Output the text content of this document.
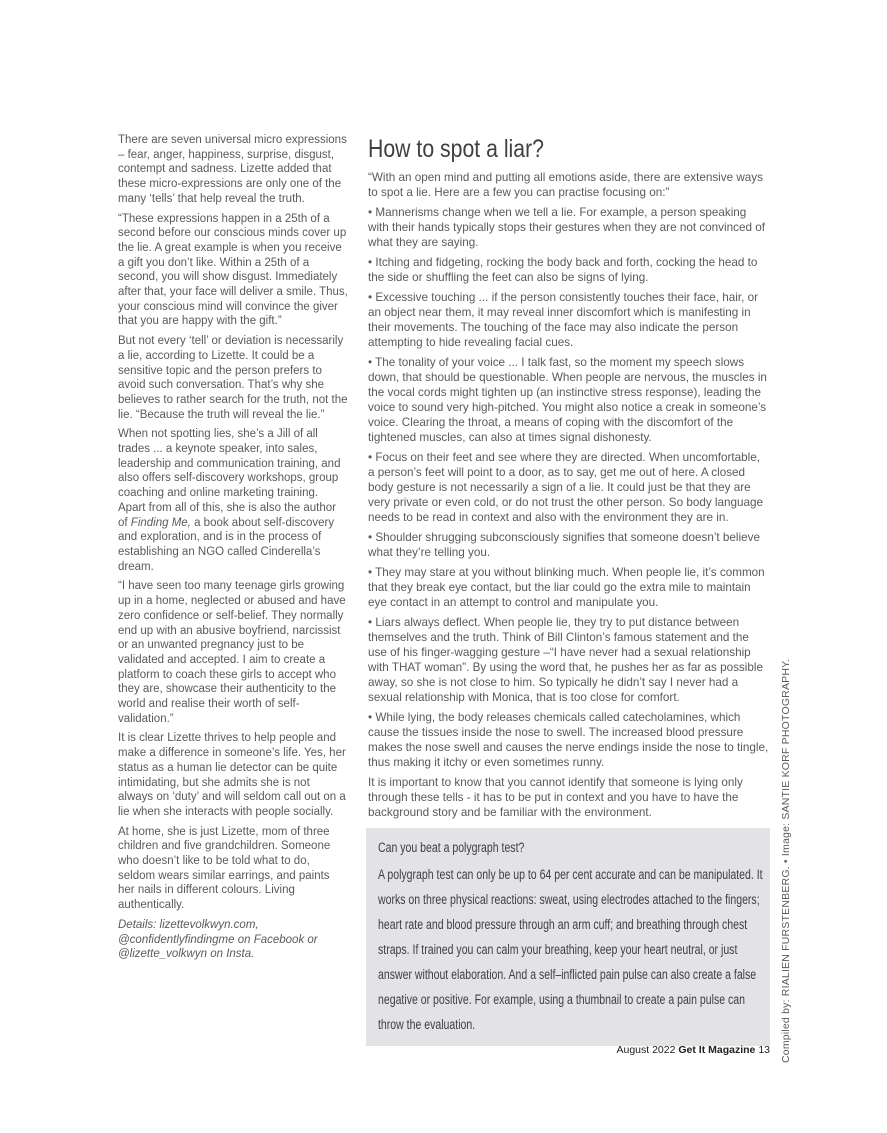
There are seven universal micro expressions – fear, anger, happiness, surprise, disgust, contempt and sadness. Lizette added that these micro-expressions are only one of the many ‘tells’ that help reveal the truth.

“These expressions happen in a 25th of a second before our conscious minds cover up the lie. A great example is when you receive a gift you don’t like. Within a 25th of a second, you will show disgust. Immediately after that, your face will deliver a smile. Thus, your conscious mind will convince the giver that you are happy with the gift.”

But not every ‘tell’ or deviation is necessarily a lie, according to Lizette. It could be a sensitive topic and the person prefers to avoid such conversation. That’s why she believes to rather search for the truth, not the lie. “Because the truth will reveal the lie.”

When not spotting lies, she’s a Jill of all trades ... a keynote speaker, into sales, leadership and communication training, and also offers self-discovery workshops, group coaching and online marketing training. Apart from all of this, she is also the author of Finding Me, a book about self-discovery and exploration, and is in the process of establishing an NGO called Cinderella’s dream.

“I have seen too many teenage girls growing up in a home, neglected or abused and have zero confidence or self-belief. They normally end up with an abusive boyfriend, narcissist or an unwanted pregnancy just to be validated and accepted. I aim to create a platform to coach these girls to accept who they are, showcase their authenticity to the world and realise their worth of self-validation.”

It is clear Lizette thrives to help people and make a difference in someone’s life. Yes, her status as a human lie detector can be quite intimidating, but she admits she is not always on ‘duty’ and will seldom call out on a lie when she interacts with people socially.

At home, she is just Lizette, mom of three children and five grandchildren. Someone who doesn’t like to be told what to do, seldom wears similar earrings, and paints her nails in different colours. Living authentically.

Details: lizettevolkwyn.com, @confidentlyfindingme on Facebook or @lizette_volkwyn on Insta.

How to spot a liar?

“With an open mind and putting all emotions aside, there are extensive ways to spot a lie. Here are a few you can practise focusing on:”

• Mannerisms change when we tell a lie. For example, a person speaking with their hands typically stops their gestures when they are not convinced of what they are saying.

• Itching and fidgeting, rocking the body back and forth, cocking the head to the side or shuffling the feet can also be signs of lying.

• Excessive touching ... if the person consistently touches their face, hair, or an object near them, it may reveal inner discomfort which is manifesting in their movements. The touching of the face may also indicate the person attempting to hide revealing facial cues.

• The tonality of your voice ... I talk fast, so the moment my speech slows down, that should be questionable. When people are nervous, the muscles in the vocal cords might tighten up (an instinctive stress response), leading the voice to sound very high-pitched. You might also notice a creak in someone’s voice. Clearing the throat, a means of coping with the discomfort of the tightened muscles, can also at times signal dishonesty.

• Focus on their feet and see where they are directed. When uncomfortable, a person’s feet will point to a door, as to say, get me out of here. A closed body gesture is not necessarily a sign of a lie. It could just be that they are very private or even cold, or do not trust the other person. So body language needs to be read in context and also with the environment they are in.

• Shoulder shrugging subconsciously signifies that someone doesn’t believe what they’re telling you.

• They may stare at you without blinking much. When people lie, it’s common that they break eye contact, but the liar could go the extra mile to maintain eye contact in an attempt to control and manipulate you.

• Liars always deflect. When people lie, they try to put distance between themselves and the truth. Think of Bill Clinton’s famous statement and the use of his finger-wagging gesture –“I have never had a sexual relationship with THAT woman”. By using the word that, he pushes her as far as possible away, so she is not close to him. So typically he didn’t say I never had a sexual relationship with Monica, that is too close for comfort.

• While lying, the body releases chemicals called catecholamines, which cause the tissues inside the nose to swell. The increased blood pressure makes the nose swell and causes the nerve endings inside the nose to tingle, thus making it itchy or even sometimes runny.

It is important to know that you cannot identify that someone is lying only through these tells - it has to be put in context and you have to have the background story and be familiar with the environment.

Can you beat a polygraph test?

A polygraph test can only be up to 64 per cent accurate and can be manipulated. It works on three physical reactions: sweat, using electrodes attached to the fingers; heart rate and blood pressure through an arm cuff; and breathing through chest straps. If trained you can calm your breathing, keep your heart neutral, or just answer without elaboration. And a self–inflicted pain pulse can also create a false negative or positive. For example, using a thumbnail to create a pain pulse can throw the evaluation.	Compiled by: RIALIEN FURSTENBERG. • Image: SANTIE KORF PHOTOGRAPHY.
August 2022 Get It Magazine 13
